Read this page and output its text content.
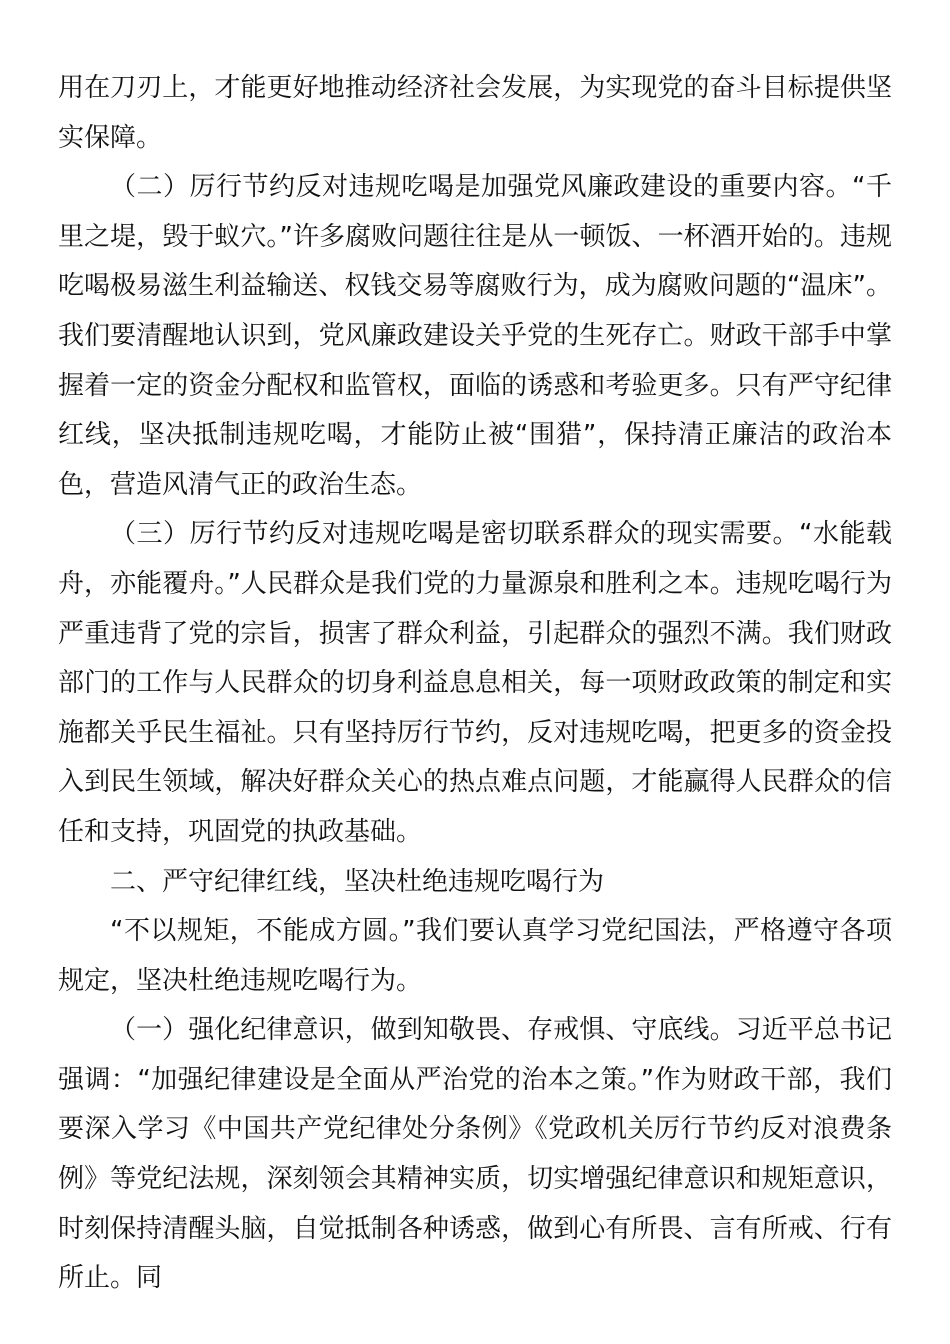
用在刀刃上，才能更好地推动经济社会发展，为实现党的奋斗目标提供坚实保障。

（二）厉行节约反对违规吃喝是加强党风廉政建设的重要内容。“千里之堤，毁于蚁穴。”许多腐败问题往往是从一顿饭、一杯酒开始的。违规吃喝极易滋生利益输送、权钱交易等腐败行为，成为腐败问题的“温床”。我们要清醒地认识到，党风廉政建设关乎党的生死存亡。财政干部手中掌握着一定的资金分配权和监管权，面临的诱惑和考验更多。只有严守纪律红线，坚决抵制违规吃喝，才能防止被“围猎”，保持清正廉洁的政治本色，营造风清气正的政治生态。

（三）厉行节约反对违规吃喝是密切联系群众的现实需要。“水能载舟，亦能覆舟。”人民群众是我们党的力量源泉和胜利之本。违规吃喝行为严重违背了党的宗旨，损害了群众利益，引起群众的强烈不满。我们财政部门的工作与人民群众的切身利益息息相关，每一项财政政策的制定和实施都关乎民生福祉。只有坚持厉行节约，反对违规吃喝，把更多的资金投入到民生领域，解决好群众关心的热点难点问题，才能赢得人民群众的信任和支持，巩固党的执政基础。

二、严守纪律红线，坚决杜绝违规吃喝行为

“不以规矩，不能成方圆。”我们要认真学习党纪国法，严格遵守各项规定，坚决杜绝违规吃喝行为。

（一）强化纪律意识，做到知敬畏、存戒惧、守底线。习近平总书记强调：“加强纪律建设是全面从严治党的治本之策。”作为财政干部，我们要深入学习《中国共产党纪律处分条例》《党政机关厉行节约反对浪费条例》等党纪法规，深刻领会其精神实质，切实增强纪律意识和规矩意识，时刻保持清醒头脑，自觉抵制各种诱惑，做到心有所畏、言有所戒、行有所止。同
